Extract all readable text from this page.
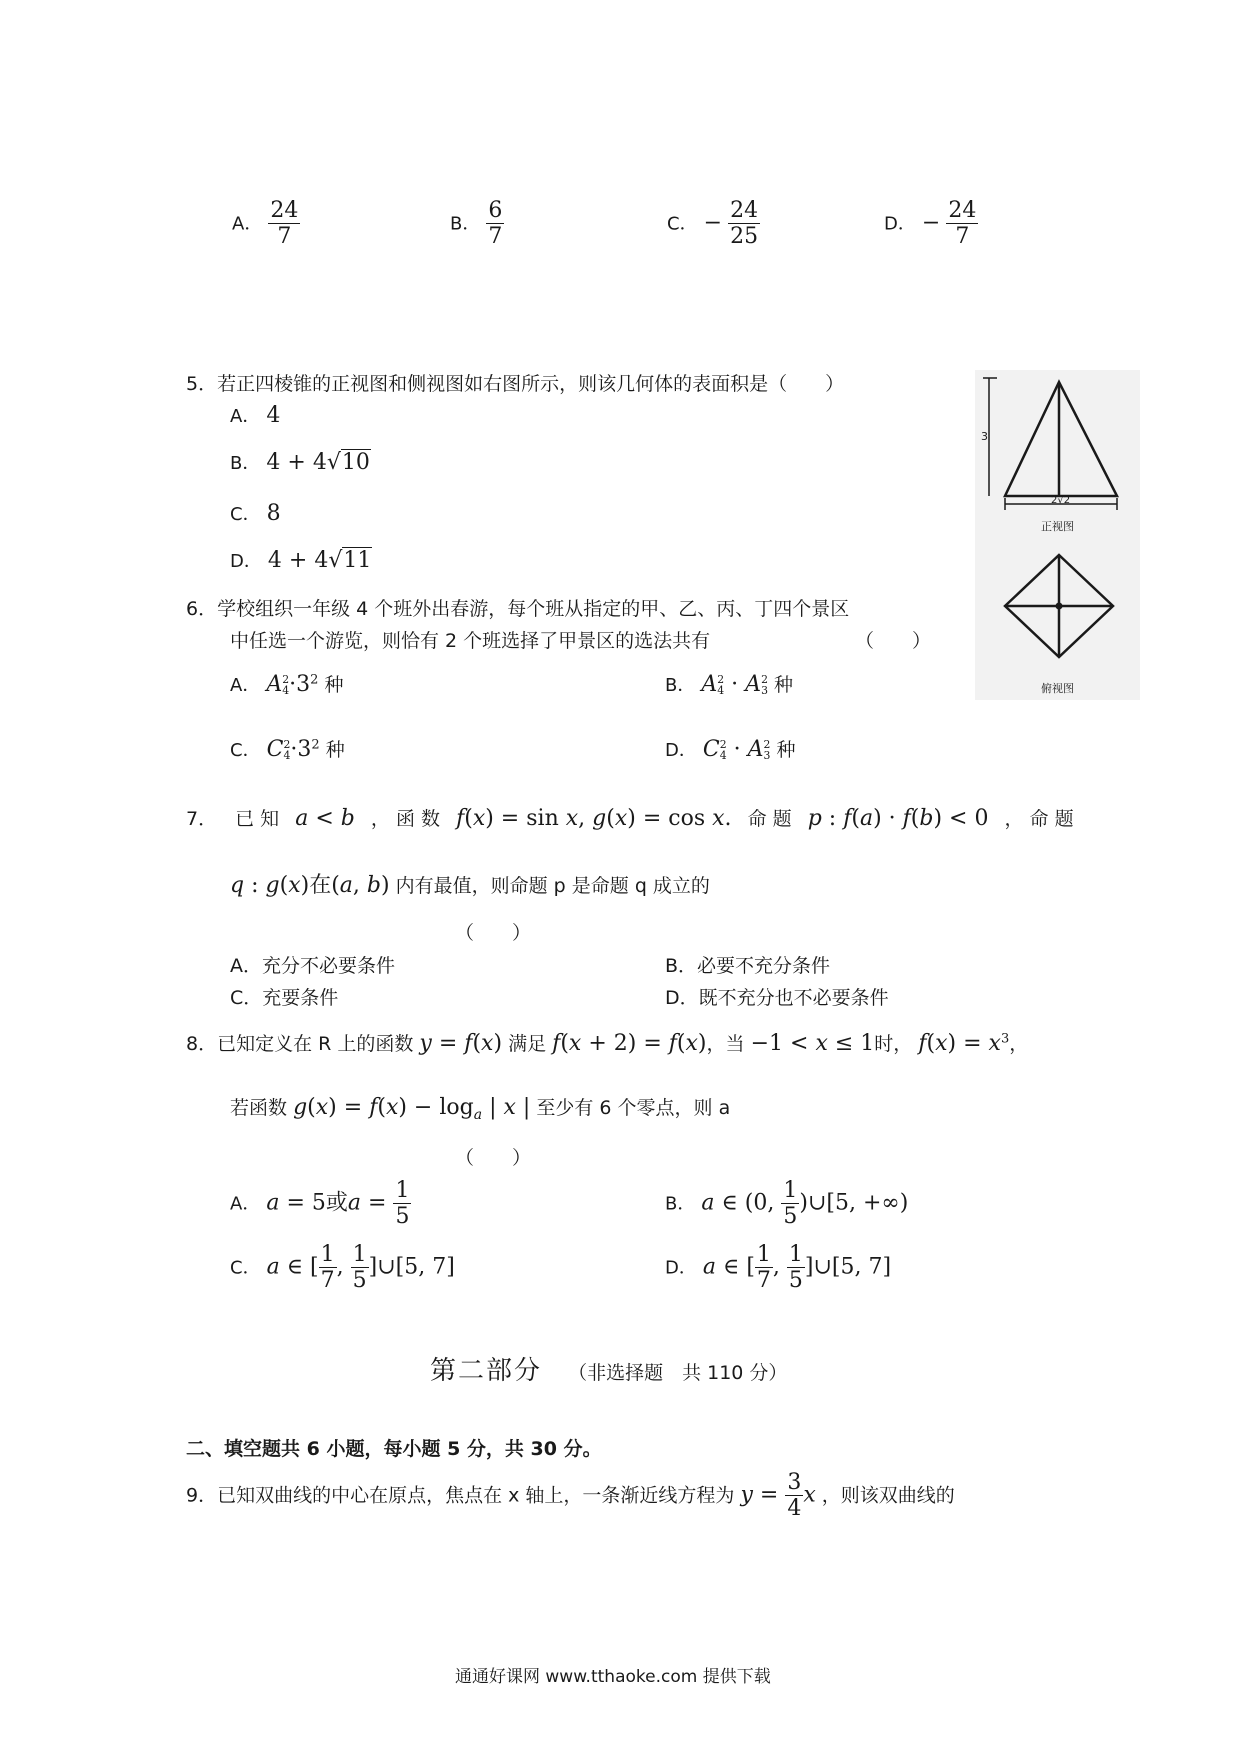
A． $\frac{24}{7}$	B． $\frac{6}{7}$	C． − $\frac{24}{25}$	D． − $\frac{24}{7}$
5．若正四棱锥的正视图和侧视图如右图所示，则该几何体的表面积是（　　）
A． 4
B． 4 + 4√10
C． 8
D． 4 + 4√11
3
2√2
正视图
俯视图
6．学校组织一年级 4 个班外出春游，每个班从指定的甲、乙、丙、丁四个景区
中任选一个游览，则恰有 2 个班选择了甲景区的选法共有	（　　）
A． A 2
$4 \cdot 3^2$ 种	B． A 2
4 · A 2
3 种
C． C 2
$4 \cdot 3^2$ 种	D． C 2
4 · A 2
3 种
7． 已 知 a < b ， 函 数 f(x) = sin x, g(x) = cos x. 命 题 p : f(a) · f(b) < 0 ， 命 题
q : g(x)在(a, b) 内有最值，则命题 p 是命题 q 成立的
（　　）
A．充分不必要条件	B．必要不充分条件
C．充要条件	D．既不充分也不必要条件
8．已知定义在 R 上的函数 y = f(x) 满足 f(x + 2) = f(x)，当 −1 < x ≤ 1时， $f(x) = x^3$，
若函数 $g(x) = f(x) - \log_a$ | x | 至少有 6 个零点，则 a
（　　）
A． a = 5或$a = \frac{1}{5}$	B． a ∈ (0, $\frac{1}{5}$ )∪[5, +∞)
C． a ∈ [ $\frac{1}{7}$ , $\frac{1}{5}$ ]∪[5, 7]	D． a ∈ [ $\frac{1}{7}$ , $\frac{1}{5}$ ]∪[5, 7]
第二部分 （非选择题　共 110 分）
二、填空题共 6 小题，每小题 5 分，共 30 分。
9．已知双曲线的中心在原点，焦点在 x 轴上，一条渐近线方程为 $y = \frac{3}{4}$ x ，则该双曲线的
通通好课网 www.tthaoke.com 提供下载
